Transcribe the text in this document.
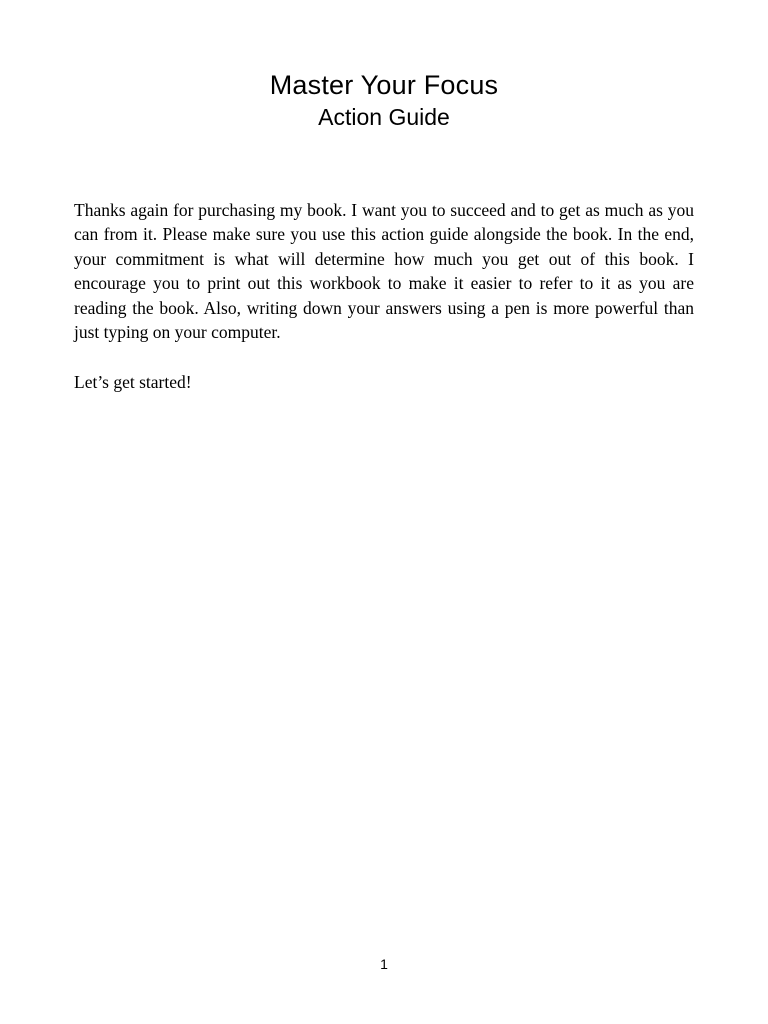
Master Your Focus
Action Guide

Thanks again for purchasing my book. I want you to succeed and to get as much as you can from it. Please make sure you use this action guide alongside the book. In the end, your commitment is what will determine how much you get out of this book. I encourage you to print out this workbook to make it easier to refer to it as you are reading the book. Also, writing down your answers using a pen is more powerful than just typing on your computer.

Let’s get started!

1
